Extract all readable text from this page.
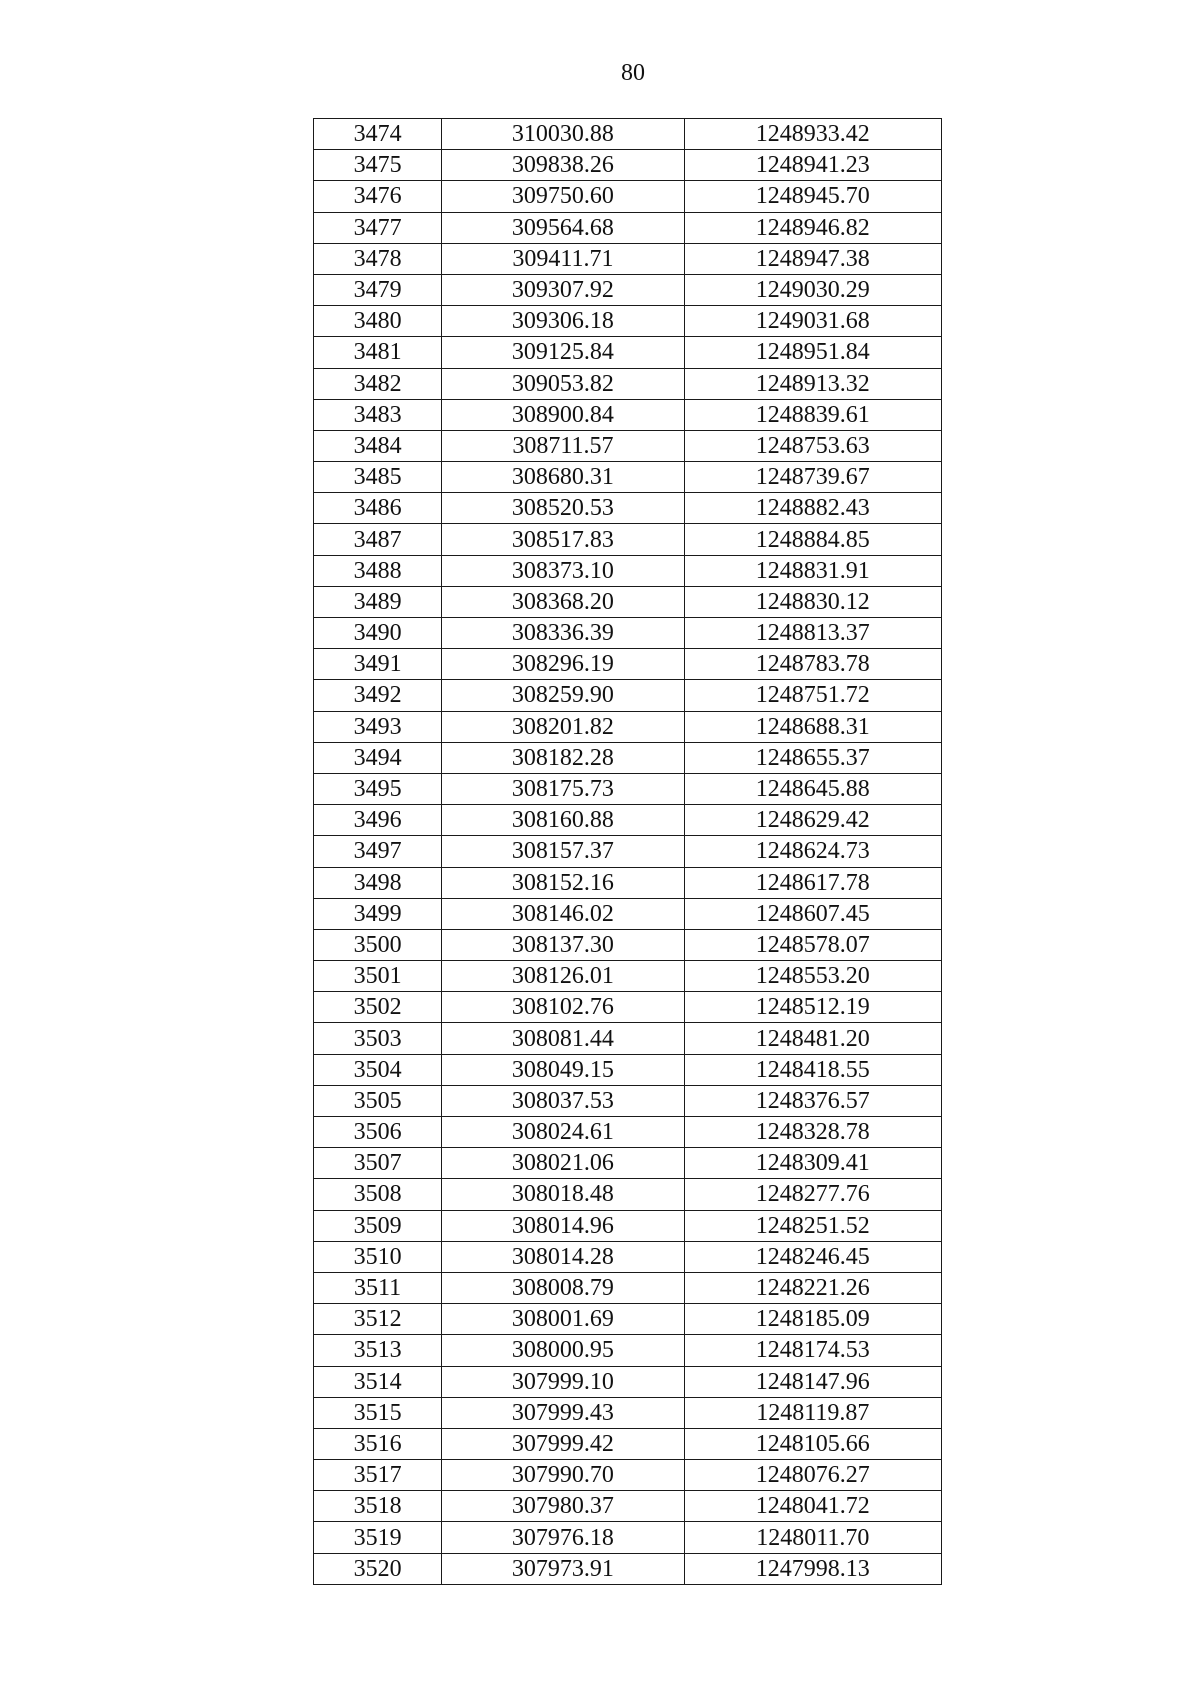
80
3474	310030.88	1248933.42
3475	309838.26	1248941.23
3476	309750.60	1248945.70
3477	309564.68	1248946.82
3478	309411.71	1248947.38
3479	309307.92	1249030.29
3480	309306.18	1249031.68
3481	309125.84	1248951.84
3482	309053.82	1248913.32
3483	308900.84	1248839.61
3484	308711.57	1248753.63
3485	308680.31	1248739.67
3486	308520.53	1248882.43
3487	308517.83	1248884.85
3488	308373.10	1248831.91
3489	308368.20	1248830.12
3490	308336.39	1248813.37
3491	308296.19	1248783.78
3492	308259.90	1248751.72
3493	308201.82	1248688.31
3494	308182.28	1248655.37
3495	308175.73	1248645.88
3496	308160.88	1248629.42
3497	308157.37	1248624.73
3498	308152.16	1248617.78
3499	308146.02	1248607.45
3500	308137.30	1248578.07
3501	308126.01	1248553.20
3502	308102.76	1248512.19
3503	308081.44	1248481.20
3504	308049.15	1248418.55
3505	308037.53	1248376.57
3506	308024.61	1248328.78
3507	308021.06	1248309.41
3508	308018.48	1248277.76
3509	308014.96	1248251.52
3510	308014.28	1248246.45
3511	308008.79	1248221.26
3512	308001.69	1248185.09
3513	308000.95	1248174.53
3514	307999.10	1248147.96
3515	307999.43	1248119.87
3516	307999.42	1248105.66
3517	307990.70	1248076.27
3518	307980.37	1248041.72
3519	307976.18	1248011.70
3520	307973.91	1247998.13
